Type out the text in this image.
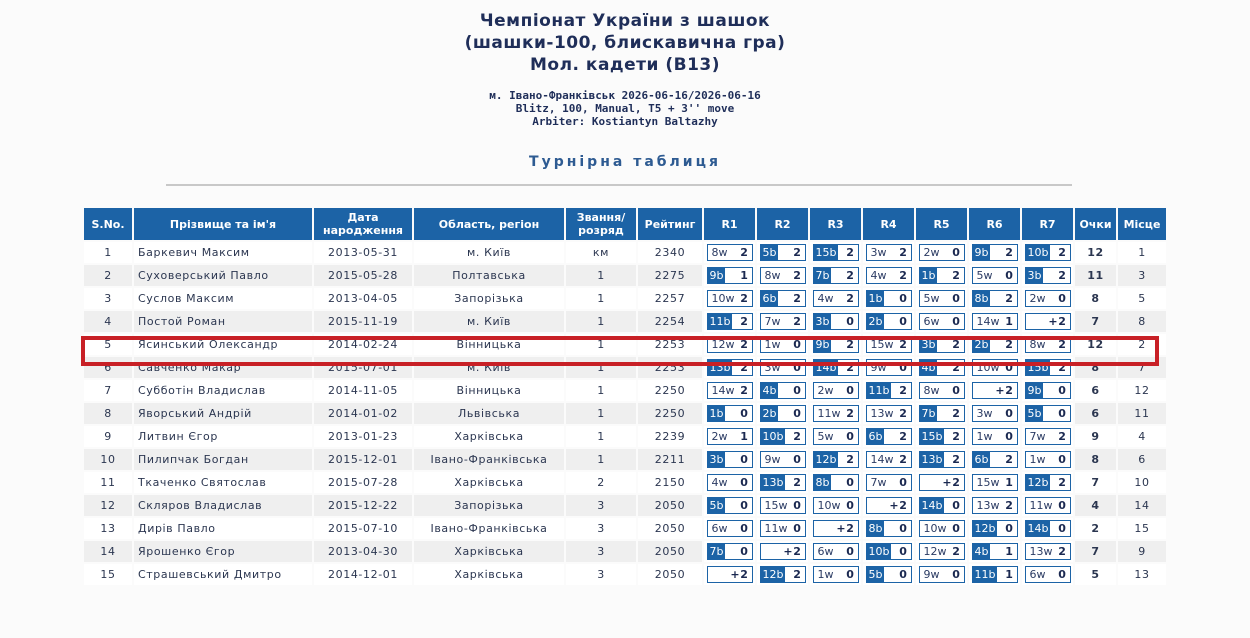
Чемпіонат України з шашок
(шашки-100, блискавична гра)
Мол. кадети (В13)
м. Івано-Франківськ 2026-06-16/2026-06-16
Blitz, 100, Manual, T5 + 3'' move
Arbiter: Kostiantyn Baltazhy
Турнірна таблиця
S.No.	Прізвище та ім'я	Дата народження	Область, регіон	Звання/ розряд	Рейтинг	R1	R2	R3	R4	R5	R6	R7	Очки	Місце
1	Баркевич Максим	2013-05-31	м. Київ	км	2340	8w 2	5b 2	15b 2	3w 2	2w 0	9b 2	10b 2	12	1
2	Суховерський Павло	2015-05-28	Полтавська	1	2275	9b 1	8w 2	7b 2	4w 2	1b 2	5w 0	3b 2	11	3
3	Суслов Максим	2013-04-05	Запорізька	1	2257	10w 2	6b 2	4w 2	1b 0	5w 0	8b 2	2w 0	8	5
4	Постой Роман	2015-11-19	м. Київ	1	2254	11b 2	7w 2	3b 0	2b 0	6w 0	14w 1	+2	7	8
5	Ясинський Олександр	2014-02-24	Вінницька	1	2253	12w 2	1w 0	9b 2	15w 2	3b 2	2b 2	8w 2	12	2
6	Савченко Макар	2015-07-01	м. Київ	1	2253	13b 2	3w 0	14b 2	9w 0	4b 2	10w 0	15b 2	8	7
7	Субботін Владислав	2014-11-05	Вінницька	1	2250	14w 2	4b 0	2w 0	11b 2	8w 0	+2	9b 0	6	12
8	Яворський Андрій	2014-01-02	Львівська	1	2250	1b 0	2b 0	11w 2	13w 2	7b 2	3w 0	5b 0	6	11
9	Литвин Єгор	2013-01-23	Харківська	1	2239	2w 1	10b 2	5w 0	6b 2	15b 2	1w 0	7w 2	9	4
10	Пилипчак Богдан	2015-12-01	Івано-Франківська	1	2211	3b 0	9w 0	12b 2	14w 2	13b 2	6b 2	1w 0	8	6
11	Ткаченко Святослав	2015-07-28	Харківська	2	2150	4w 0	13b 2	8b 0	7w 0	+2	15w 1	12b 2	7	10
12	Скляров Владислав	2015-12-22	Запорізька	3	2050	5b 0	15w 0	10w 0	+2	14b 0	13w 2	11w 0	4	14
13	Дирів Павло	2015-07-10	Івано-Франківська	3	2050	6w 0	11w 0	+2	8b 0	10w 0	12b 0	14b 0	2	15
14	Ярошенко Єгор	2013-04-30	Харківська	3	2050	7b 0	+2	6w 0	10b 0	12w 2	4b 1	13w 2	7	9
15	Страшевський Дмитро	2014-12-01	Харківська	3	2050	+2	12b 2	1w 0	5b 0	9w 0	11b 1	6w 0	5	13
